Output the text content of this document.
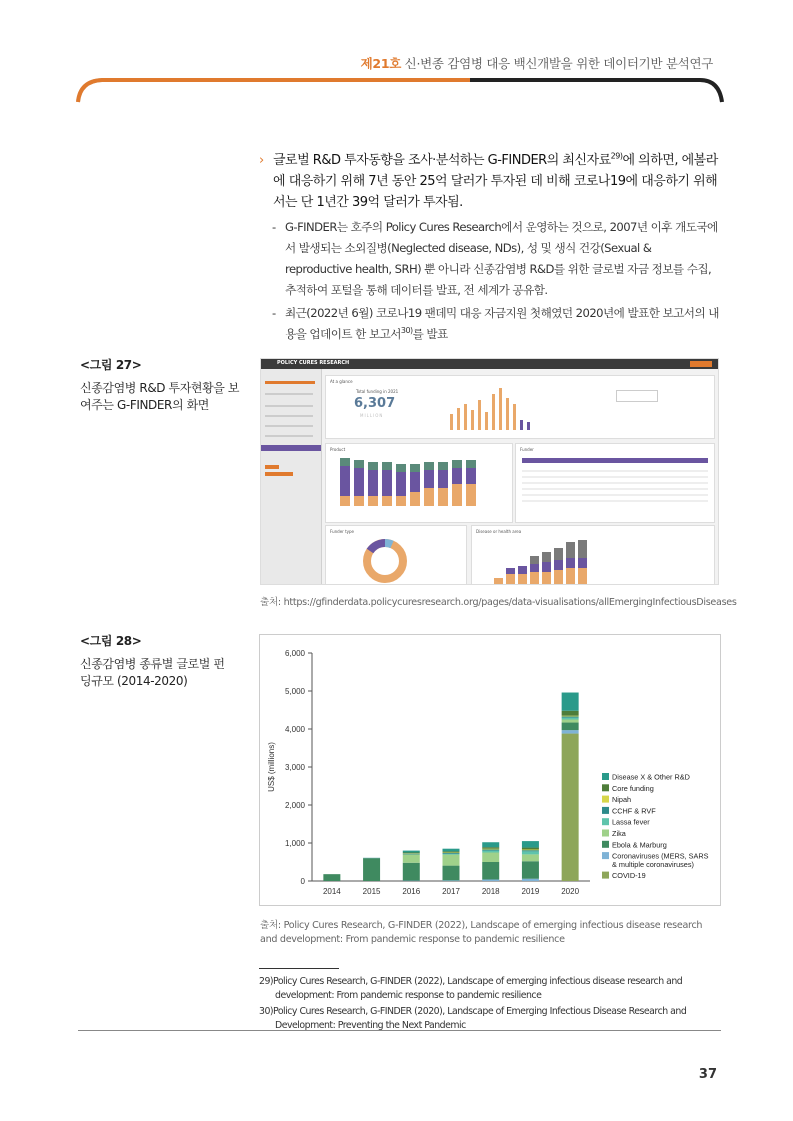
제21호 신·변종 감염병 대응 백신개발을 위한 데이터기반 분석연구
› 글로벌 R&D 투자동향을 조사·분석하는 G-FINDER의 최신자료$^{29)}$에 의하면, 에볼라에 대응하기 위해 7년 동안 25억 달러가 투자된 데 비해 코로나19에 대응하기 위해서는 단 1년간 39억 달러가 투자됨.
- G-FINDER는 호주의 Policy Cures Research에서 운영하는 것으로, 2007년 이후 개도국에서 발생되는 소외질병(Neglected disease, NDs), 성 및 생식 건강(Sexual & reproductive health, SRH) 뿐 아니라 신종감염병 R&D를 위한 글로벌 자금 정보를 수집, 추적하여 포털을 통해 데이터를 발표, 전 세계가 공유함.
- 최근(2022년 6월) 코로나19 팬데믹 대응 자금지원 첫해였던 2020년에 발표한 보고서의 내용을 업데이트 한 보고서$^{30)}$를 발표
<그림 27>
신종감염병 R&D 투자현황을 보여주는 G-FINDER의 화면
POLICY CURES RESEARCH
At a glance
Total funding in 2021
6,307
MILLION
Product	Funder
Funder type	Disease or health area
출처: https://gfinderdata.policycuresresearch.org/pages/data-visualisations/allEmergingInfectiousDiseases
<그림 28>
신종감염병 종류별 글로벌 펀딩규모 (2014-2020)
0
1,000
2,000
3,000
4,000
5,000
6,000
US$ (millions)
2014	2015	2016	2017	2018	2019	2020
Disease X & Other R&D
Core funding
Nipah
CCHF & RVF
Lassa fever
Zika
Ebola & Marburg
Coronaviruses (MERS, SARS
& multiple coronaviruses)
COVID-19
출처: Policy Cures Research, G-FINDER (2022), Landscape of emerging infectious disease research and development: From pandemic response to pandemic resilience
29) Policy Cures Research, G-FINDER (2022), Landscape of emerging infectious disease research and development: From pandemic response to pandemic resilience
30) Policy Cures Research, G-FINDER (2020), Landscape of Emerging Infectious Disease Research and Development: Preventing the Next Pandemic
37
